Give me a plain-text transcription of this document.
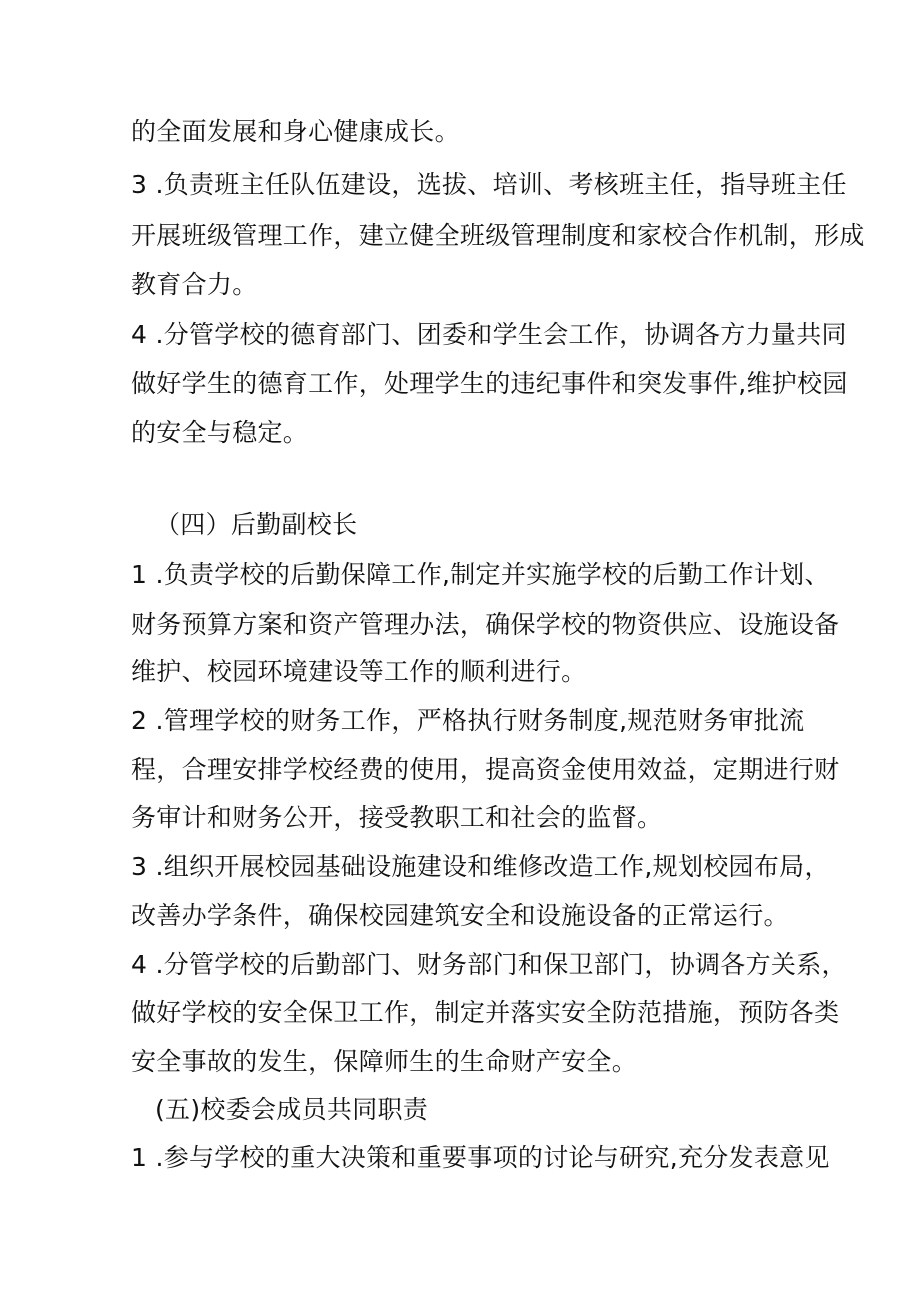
的全面发展和身心健康成长。
3 .负责班主任队伍建设，选拔、培训、考核班主任，指导班主任
开展班级管理工作，建立健全班级管理制度和家校合作机制，形成
教育合力。
4 .分管学校的德育部门、团委和学生会工作，协调各方力量共同
做好学生的德育工作，处理学生的违纪事件和突发事件,维护校园
的安全与稳定。
（四）后勤副校长
1 .负责学校的后勤保障工作,制定并实施学校的后勤工作计划、
财务预算方案和资产管理办法，确保学校的物资供应、设施设备
维护、校园环境建设等工作的顺利进行。
2 .管理学校的财务工作，严格执行财务制度,规范财务审批流
程，合理安排学校经费的使用，提高资金使用效益，定期进行财
务审计和财务公开，接受教职工和社会的监督。
3 .组织开展校园基础设施建设和维修改造工作,规划校园布局，
改善办学条件，确保校园建筑安全和设施设备的正常运行。
4 .分管学校的后勤部门、财务部门和保卫部门，协调各方关系，
做好学校的安全保卫工作，制定并落实安全防范措施，预防各类
安全事故的发生，保障师生的生命财产安全。
(五)校委会成员共同职责
1 .参与学校的重大决策和重要事项的讨论与研究,充分发表意见
